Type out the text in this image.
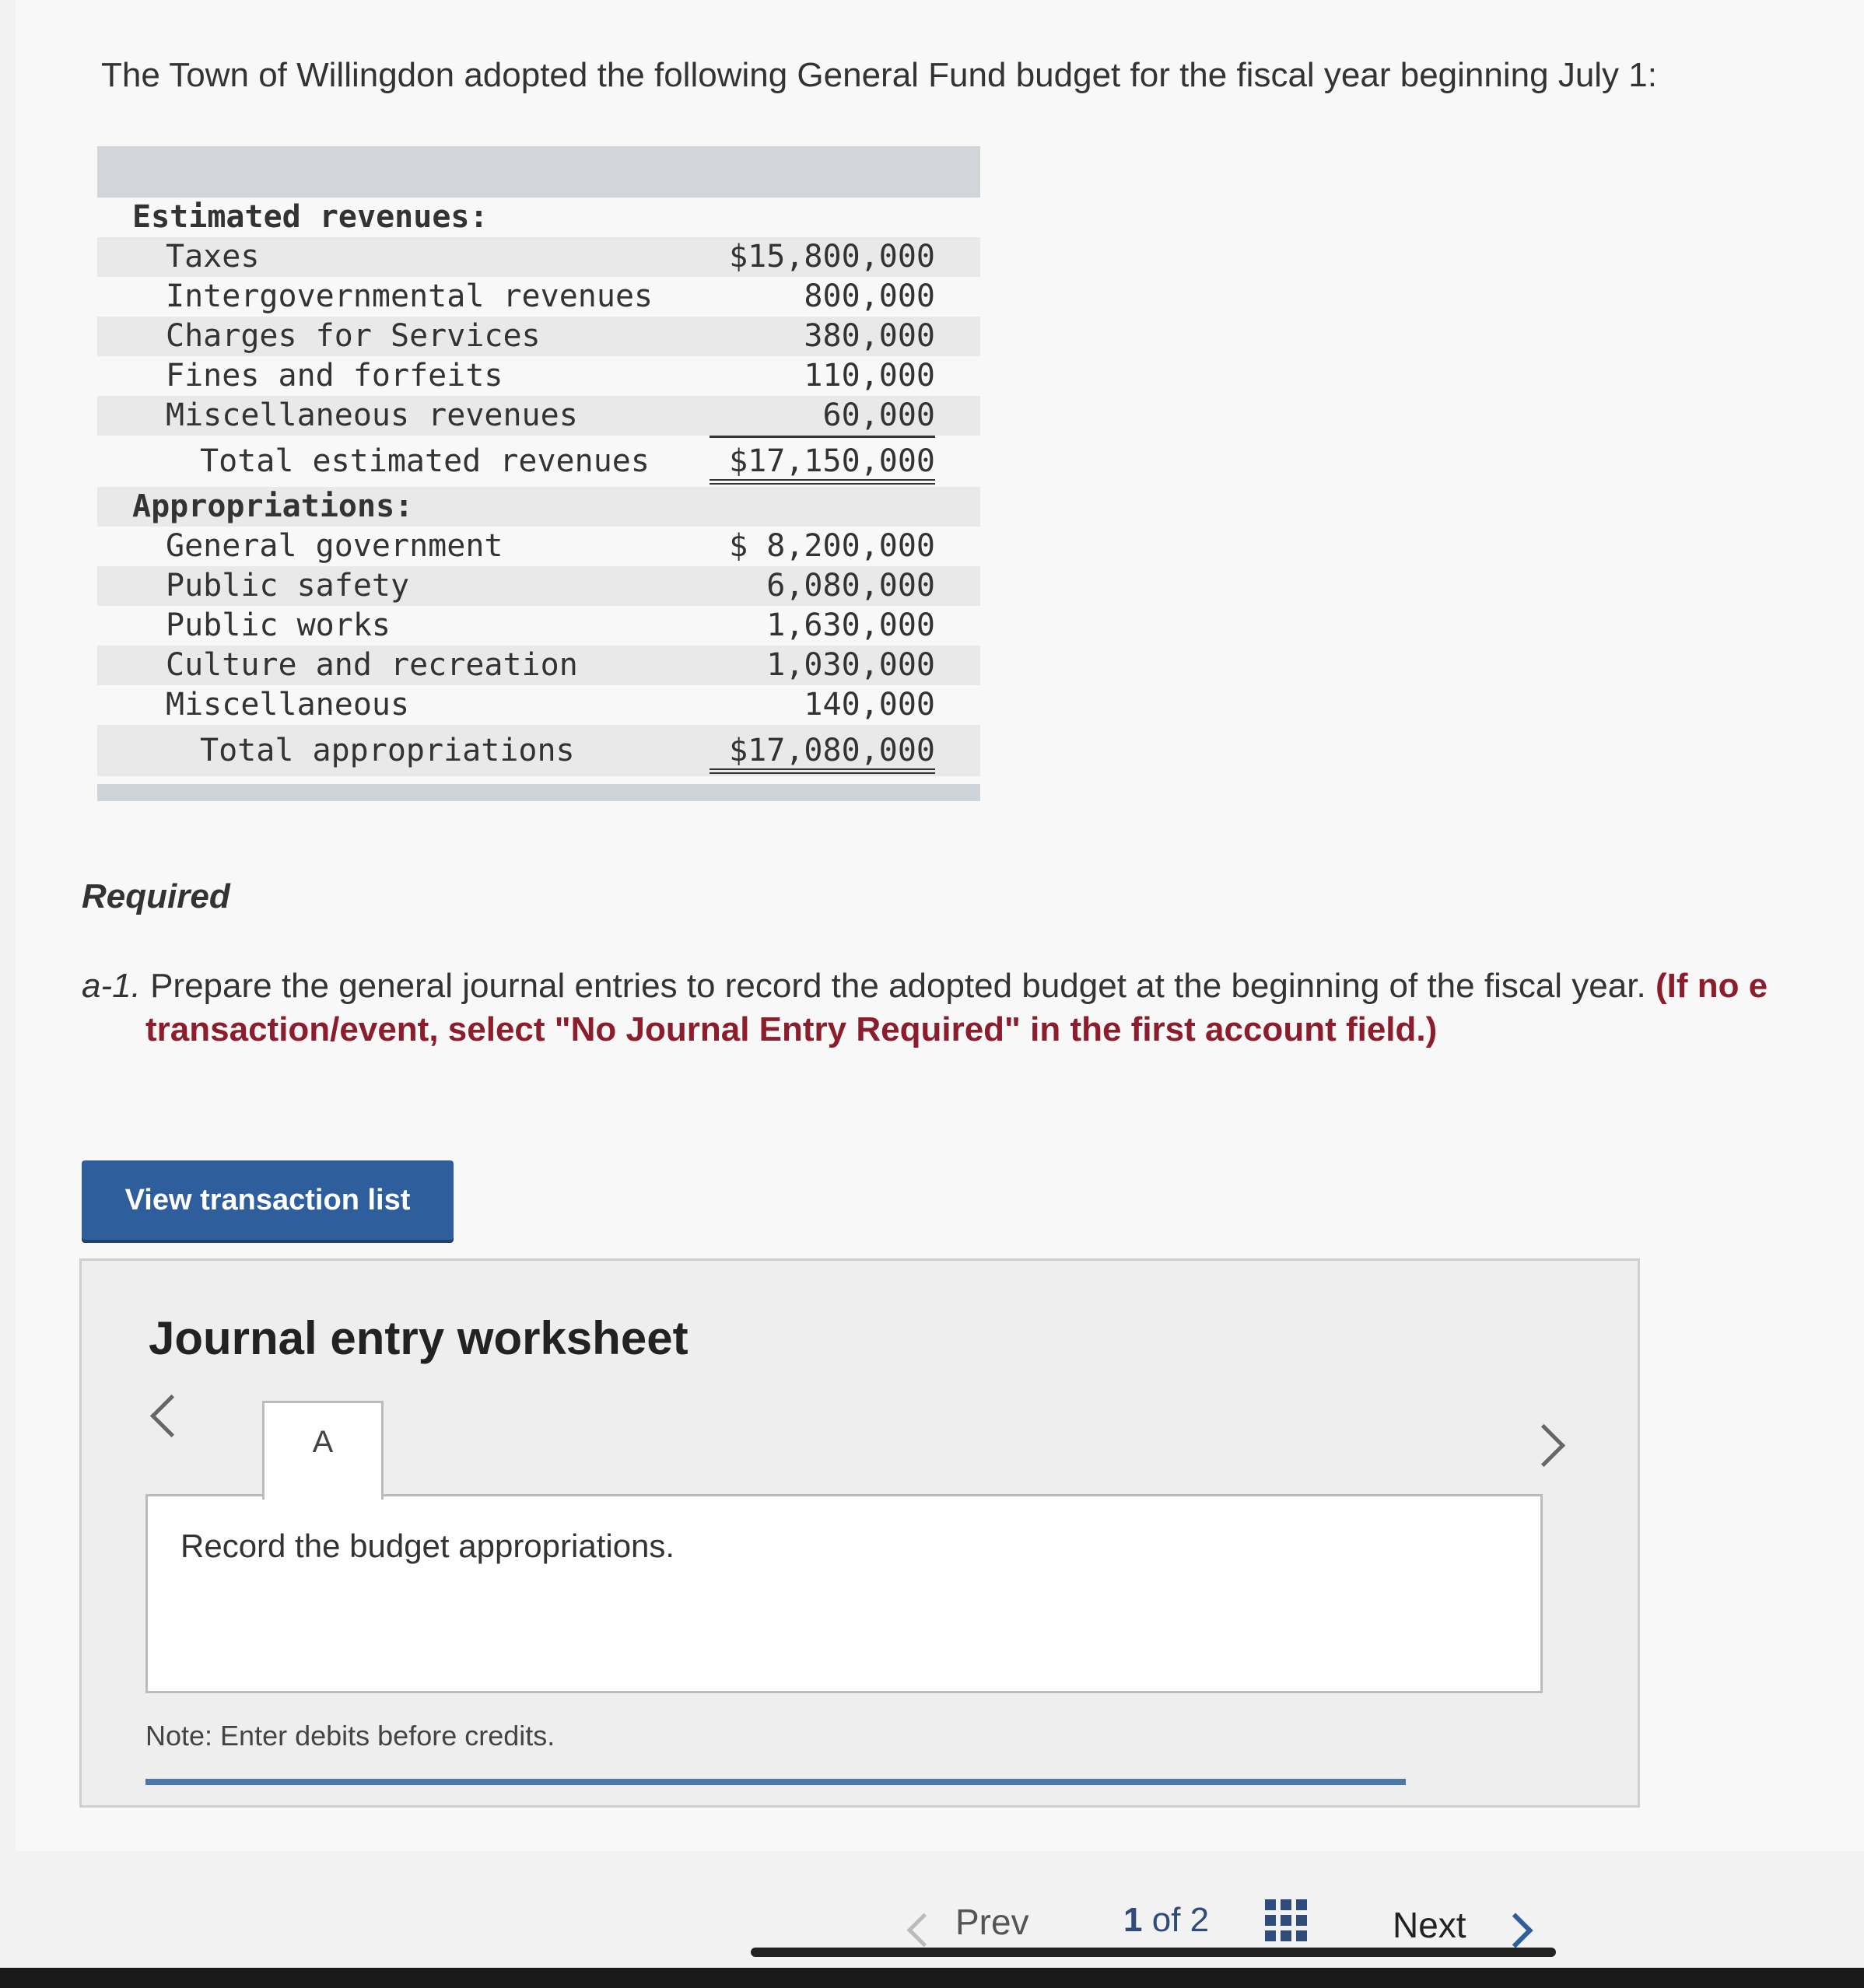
The Town of Willingdon adopted the following General Fund budget for the fiscal year beginning July 1:
Estimated revenues:
Taxes	$15,800,000
Intergovernmental revenues	800,000
Charges for Services	380,000
Fines and forfeits	110,000
Miscellaneous revenues	60,000
Total estimated revenues	$17,150,000
Appropriations:
General government	$ 8,200,000
Public safety	6,080,000
Public works	1,630,000
Culture and recreation	1,030,000
Miscellaneous	140,000
Total appropriations	$17,080,000
Required
a-1. Prepare the general journal entries to record the adopted budget at the beginning of the fiscal year. (If no e
transaction/event, select "No Journal Entry Required" in the first account field.)
View transaction list
Journal entry worksheet
A
Record the budget appropriations.
Note: Enter debits before credits.
Prev	1 of 2	Next
